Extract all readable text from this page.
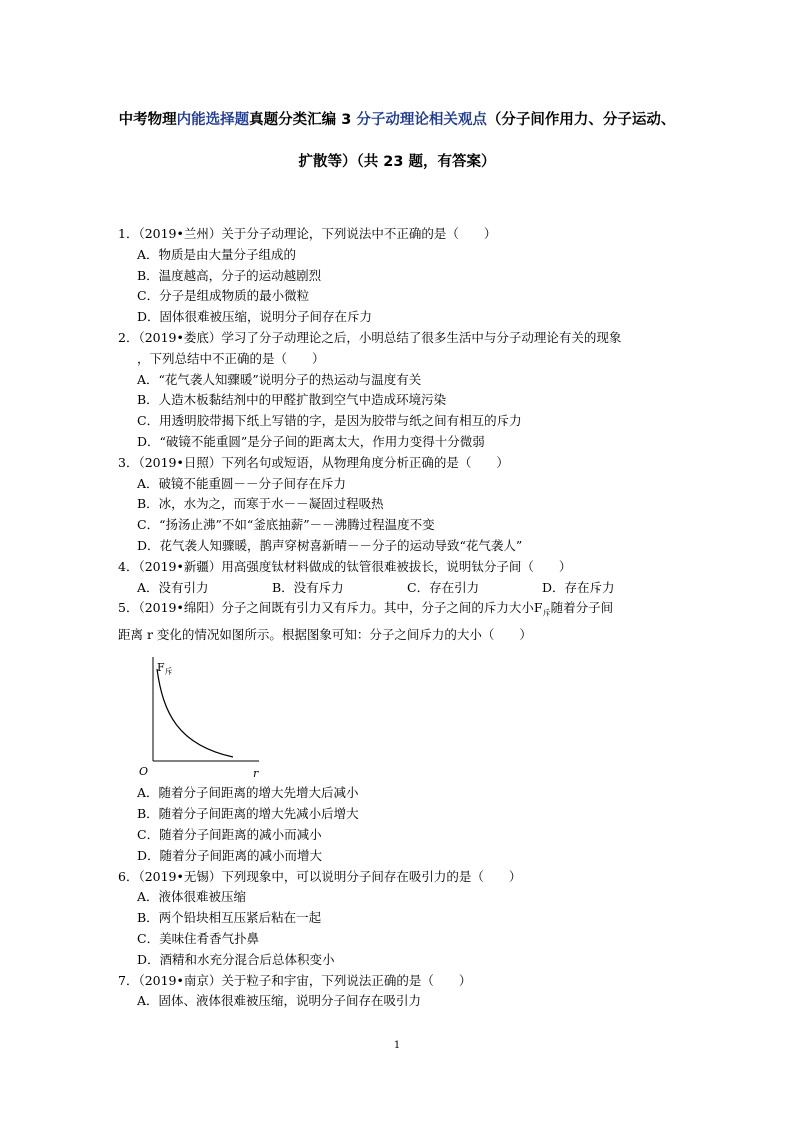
中考物理内能选择题真题分类汇编 3 分子动理论相关观点（分子间作用力、分子运动、
扩散等）（共 23 题，有答案）
1．（2019•兰州）关于分子动理论，下列说法中不正确的是（　　）
A．物质是由大量分子组成的
B．温度越高，分子的运动越剧烈
C．分子是组成物质的最小微粒
D．固体很难被压缩，说明分子间存在斥力
2．（2019•娄底）学习了分子动理论之后，小明总结了很多生活中与分子动理论有关的现象
，下列总结中不正确的是（　　）
A．“花气袭人知骤暖”说明分子的热运动与温度有关
B．人造木板黏结剂中的甲醛扩散到空气中造成环境污染
C．用透明胶带揭下纸上写错的字，是因为胶带与纸之间有相互的斥力
D．“破镜不能重圆”是分子间的距离太大，作用力变得十分微弱
3．（2019•日照）下列名句或短语，从物理角度分析正确的是（　　）
A．破镜不能重圆－－分子间存在斥力
B．冰，水为之，而寒于水－－凝固过程吸热
C．“扬汤止沸”不如“釜底抽薪”－－沸腾过程温度不变
D．花气袭人知骤暖，鹊声穿树喜新晴－－分子的运动导致“花气袭人”
4．（2019•新疆）用高强度钛材料做成的钛管很难被拔长，说明钛分子间（　　）
A．没有引力	B．没有斥力	C．存在引力	D．存在斥力
5．（2019•绵阳）分子之间既有引力又有斥力。其中，分子之间的斥力大小$F_斥$随着分子间
距离 r 变化的情况如图所示。根据图象可知：分子之间斥力的大小（　　）
$F_斥$
O	r
A．随着分子间距离的增大先增大后减小
B．随着分子间距离的增大先减小后增大
C．随着分子间距离的减小而减小
D．随着分子间距离的减小而增大
6．（2019•无锡）下列现象中，可以说明分子间存在吸引力的是（　　）
A．液体很难被压缩
B．两个铅块相互压紧后粘在一起
C．美味住肴香气扑鼻
D．酒精和水充分混合后总体积变小
7．（2019•南京）关于粒子和宇宙，下列说法正确的是（　　）
A．固体、液体很难被压缩，说明分子间存在吸引力
1
